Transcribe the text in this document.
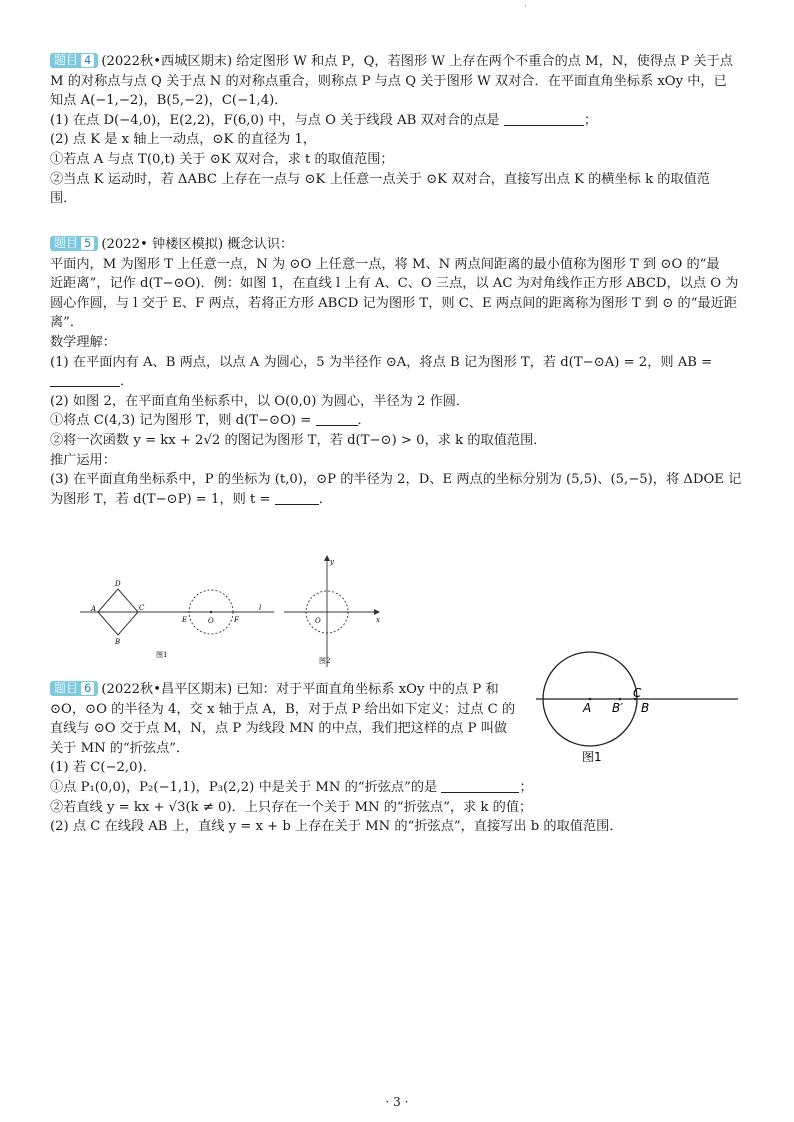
·
题目 4 (2022秋•西城区期末) 给定图形 W 和点 P，Q，若图形 W 上存在两个不重合的点 M，N，使得点 P 关于点
M 的对称点与点 Q 关于点 N 的对称点重合，则称点 P 与点 Q 关于图形 W 双对合．在平面直角坐标系 xOy 中，已
知点 A(−1,−2)，B(5,−2)，C(−1,4)．
(1) 在点 D(−4,0)，E(2,2)，F(6,0) 中，与点 O 关于线段 AB 双对合的点是	；
(2) 点 K 是 x 轴上一动点，⊙K 的直径为 1，
①若点 A 与点 T(0,t) 关于 ⊙K 双对合，求 t 的取值范围；
②当点 K 运动时，若 ΔABC 上存在一点与 ⊙K 上任意一点关于 ⊙K 双对合，直接写出点 K 的横坐标 k 的取值范
围．
题目 5 (2022• 钟楼区模拟) 概念认识：
平面内，M 为图形 T 上任意一点，N 为 ⊙O 上任意一点，将 M、N 两点间距离的最小值称为图形 T 到 ⊙O 的“最
近距离”，记作 d(T−⊙O)．例：如图 1，在直线 l 上有 A、C、O 三点，以 AC 为对角线作正方形 ABCD，以点 O 为
圆心作圆，与 l 交于 E、F 两点，若将正方形 ABCD 记为图形 T，则 C、E 两点间的距离称为图形 T 到 ⊙ 的“最近距
离”．
数学理解：
(1) 在平面内有 A、B 两点，以点 A 为圆心，5 为半径作 ⊙A，将点 B 记为图形 T，若 d(T−⊙A) = 2，则 AB =
．
(2) 如图 2，在平面直角坐标系中，以 O(0,0) 为圆心，半径为 2 作圆．
①将点 C(4,3) 记为图形 T，则 d(T−⊙O) =	．
②将一次函数 y = kx + 2√2 的图记为图形 T，若 d(T−⊙) > 0，求 k 的取值范围．
推广运用：
(3) 在平面直角坐标系中，P 的坐标为 (t,0)，⊙P 的半径为 2，D、E 两点的坐标分别为 (5,5)、(5,−5)，将 ΔDOE 记
为图形 T，若 d(T−⊙P) = 1，则 t =	．
D
A	C
B
E	O	F
l
图1
x
y
O
图2
题目 6 (2022秋•昌平区期末) 已知：对于平面直角坐标系 xOy 中的点 P 和
⊙O，⊙O 的半径为 4，交 x 轴于点 A，B，对于点 P 给出如下定义：过点 C 的
直线与 ⊙O 交于点 M，N，点 P 为线段 MN 的中点，我们把这样的点 P 叫做
关于 MN 的“折弦点”．
(1) 若 C(−2,0)．
①点 P₁(0,0)，P₂(−1,1)，P₃(2,2) 中是关于 MN 的“折弦点”的是	；
②若直线 y = kx + √3(k ≠ 0)．上只存在一个关于 MN 的“折弦点”，求 k 的值；
(2) 点 C 在线段 AB 上，直线 y = x + b 上存在关于 MN 的“折弦点”，直接写出 b 的取值范围．
A B′
C
B
图1
· 3 ·
